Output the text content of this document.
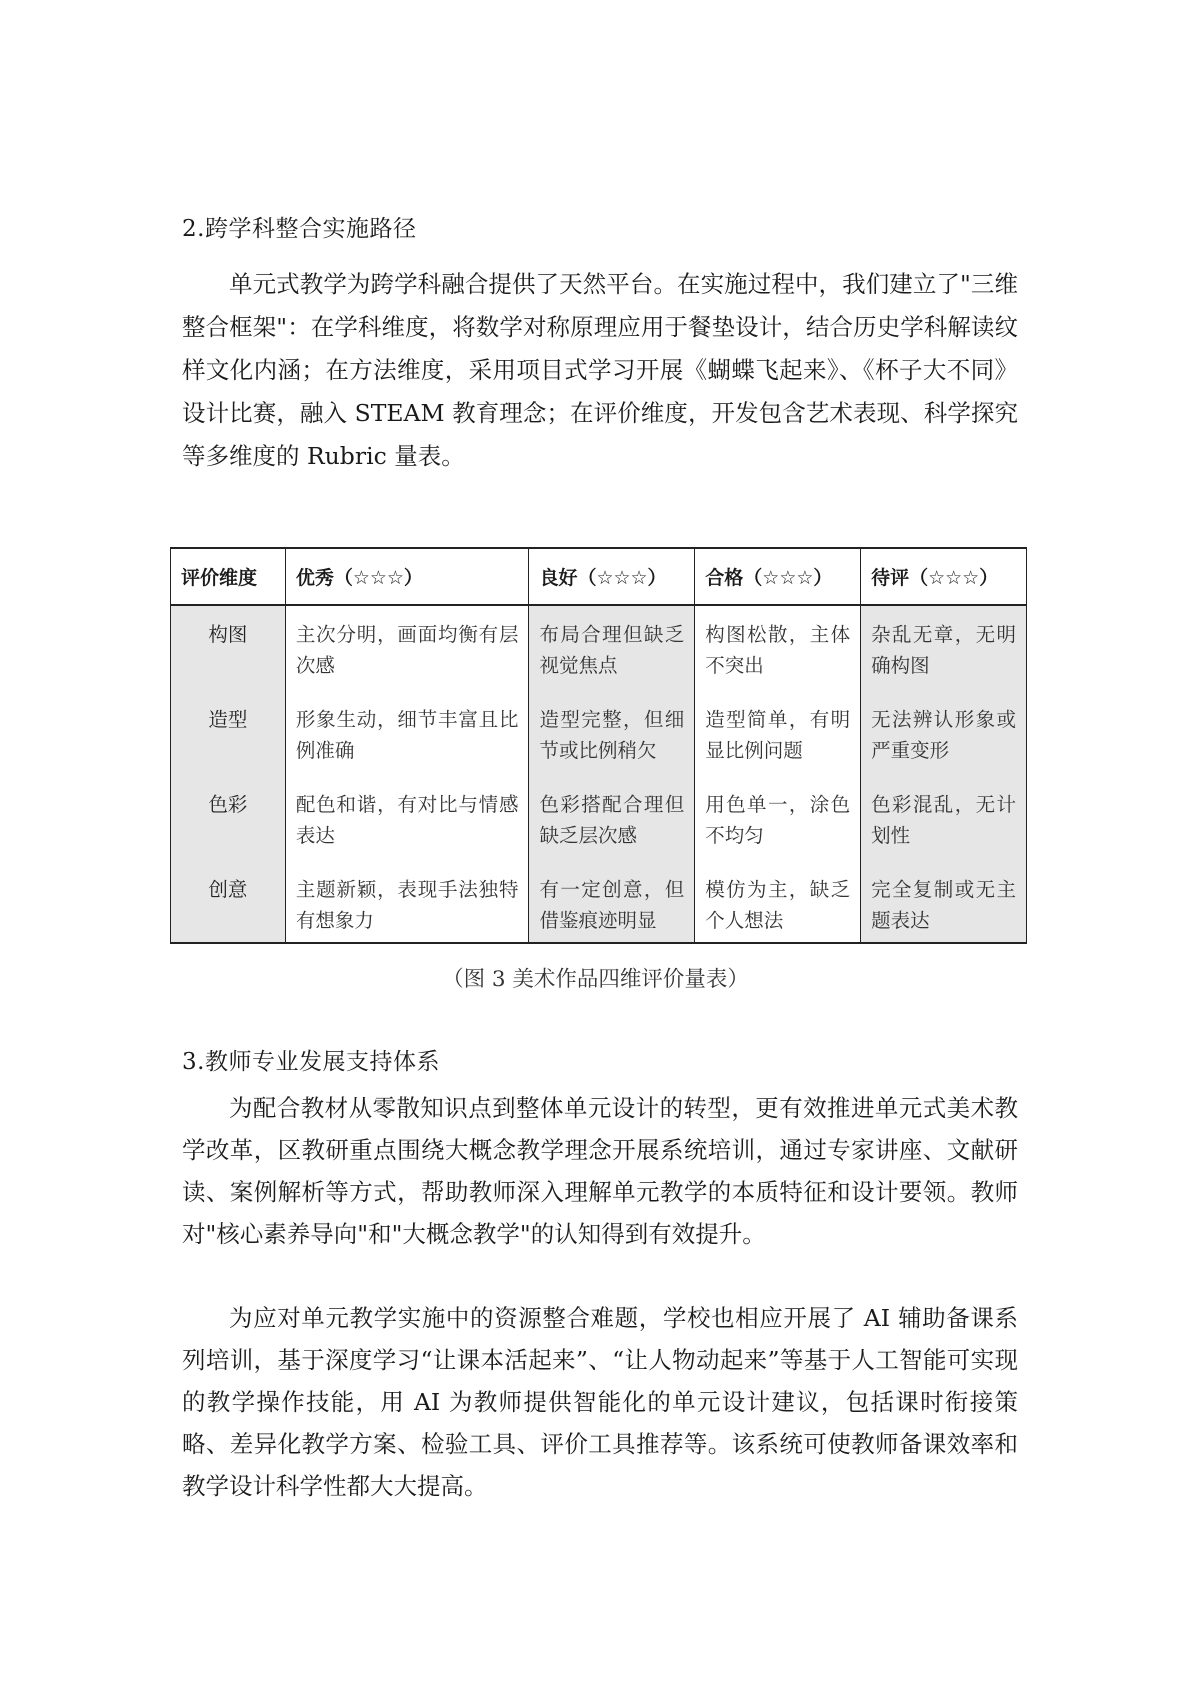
2.跨学科整合实施路径

单元式教学为跨学科融合提供了天然平台。在实施过程中，我们建立了"三维整合框架"：在学科维度，将数学对称原理应用于餐垫设计，结合历史学科解读纹样文化内涵；在方法维度，采用项目式学习开展《蝴蝶飞起来》、《杯子大不同》设计比赛，融入 STEAM 教育理念；在评价维度，开发包含艺术表现、科学探究等多维度的 Rubric 量表。

评价维度	优秀（☆☆☆）	良好（☆☆☆）	合格（☆☆☆）	待评（☆☆☆）
构图	主次分明，画面均衡有层次感	布局合理但缺乏视觉焦点	构图松散，主体不突出	杂乱无章，无明确构图
造型	形象生动，细节丰富且比例准确	造型完整，但细节或比例稍欠	造型简单，有明显比例问题	无法辨认形象或严重变形
色彩	配色和谐，有对比与情感表达	色彩搭配合理但缺乏层次感	用色单一，涂色不均匀	色彩混乱，无计划性
创意	主题新颖，表现手法独特有想象力	有一定创意，但借鉴痕迹明显	模仿为主，缺乏个人想法	完全复制或无主题表达
（图 3 美术作品四维评价量表）
3.教师专业发展支持体系

为配合教材从零散知识点到整体单元设计的转型，更有效推进单元式美术教学改革，区教研重点围绕大概念教学理念开展系统培训，通过专家讲座、文献研读、案例解析等方式，帮助教师深入理解单元教学的本质特征和设计要领。教师对"核心素养导向"和"大概念教学"的认知得到有效提升。

为应对单元教学实施中的资源整合难题，学校也相应开展了 AI 辅助备课系列培训，基于深度学习“让课本活起来”、“让人物动起来”等基于人工智能可实现的教学操作技能，用 AI 为教师提供智能化的单元设计建议，包括课时衔接策略、差异化教学方案、检验工具、评价工具推荐等。该系统可使教师备课效率和教学设计科学性都大大提高。
